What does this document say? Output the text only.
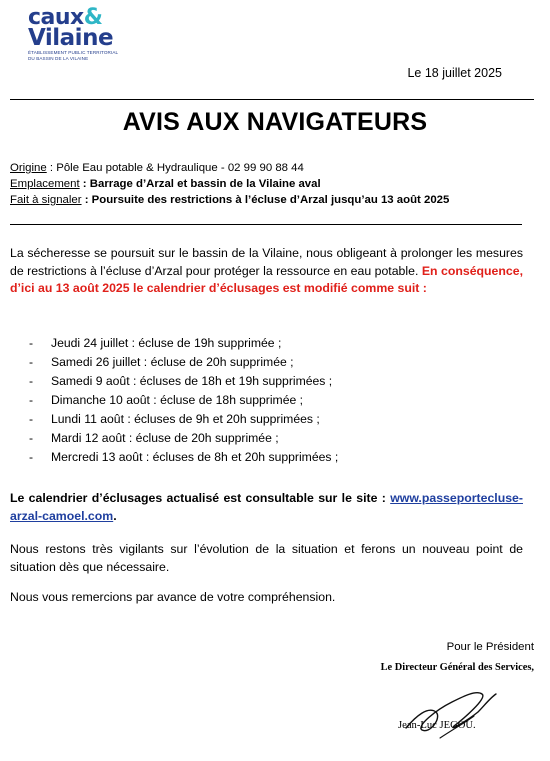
caux&
Vilaine
ÉTABLISSEMENT PUBLIC TERRITORIAL DU BASSIN DE LA VILAINE
Le 18 juillet 2025
AVIS AUX NAVIGATEURS
Origine : Pôle Eau potable & Hydraulique - 02 99 90 88 44
Emplacement : Barrage d’Arzal et bassin de la Vilaine aval
Fait à signaler : Poursuite des restrictions à l’écluse d’Arzal jusqu’au 13 août 2025
La sécheresse se poursuit sur le bassin de la Vilaine, nous obligeant à prolonger les mesures de restrictions à l’écluse d’Arzal pour protéger la ressource en eau potable. En conséquence, d’ici au 13 août 2025 le calendrier d’éclusages est modifié comme suit :
- Jeudi 24 juillet : écluse de 19h supprimée ;
- Samedi 26 juillet : écluse de 20h supprimée ;
- Samedi 9 août : écluses de 18h et 19h supprimées ;
- Dimanche 10 août : écluse de 18h supprimée ;
- Lundi 11 août : écluses de 9h et 20h supprimées ;
- Mardi 12 août : écluse de 20h supprimée ;
- Mercredi 13 août : écluses de 8h et 20h supprimées ;
Le calendrier d’éclusages actualisé est consultable sur le site : www.passeportecluse-arzal-camoel.com.
Nous restons très vigilants sur l’évolution de la situation et ferons un nouveau point de situation dès que nécessaire.
Nous vous remercions par avance de votre compréhension.
Pour le Président
Le Directeur Général des Services,
Jean-Luc JEGOU.
